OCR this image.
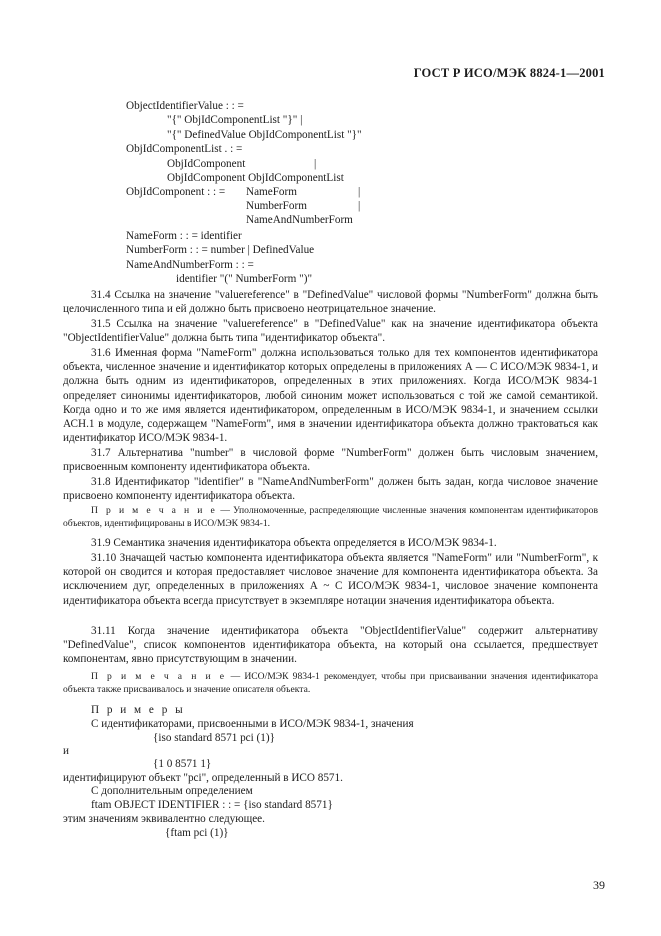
ГОСТ Р ИСО/МЭК 8824-1—2001
ObjectIdentifierValue : : =
"{" ObjIdComponentList "}" |
"{" DefinedValue ObjIdComponentList "}"
ObjIdComponentList . : =
ObjIdComponent	|
ObjIdComponent ObjIdComponentList
ObjIdComponent : : = NameForm	|
NumberForm	|
NameAndNumberForm
NameForm : : = identifier
NumberForm : : = number | DefinedValue
NameAndNumberForm : : =
identifier "(" NumberForm ")"

31.4 Ссылка на значение "valuereference" в "DefinedValue" числовой формы "NumberForm" должна быть целочисленного типа и ей должно быть присвоено неотрицательное значение.

31.5 Ссылка на значение "valuereference" в "DefinedValue" как на значение идентификатора объекта "ObjectIdentifierValue" должна быть типа "идентификатор объекта".

31.6 Именная форма "NameForm" должна использоваться только для тех компонентов идентификатора объекта, численное значение и идентификатор которых определены в приложениях А — С ИСО/МЭК 9834-1, и должна быть одним из идентификаторов, определенных в этих приложениях. Когда ИСО/МЭК 9834-1 определяет синонимы идентификаторов, любой синоним может использоваться с той же самой семантикой. Когда одно и то же имя является идентификатором, определенным в ИСО/МЭК 9834-1, и значением ссылки АСН.1 в модуле, содержащем "NameForm", имя в значении идентификатора объекта должно трактоваться как идентификатор ИСО/МЭК 9834-1.

31.7 Альтернатива "number" в числовой форме "NumberForm" должен быть числовым значением, присвоенным компоненту идентификатора объекта.

31.8 Идентификатор "identifier" в "NameAndNumberForm" должен быть задан, когда числовое значение присвоено компоненту идентификатора объекта.

П р и м е ч а н и е — Уполномоченные, распределяющие численные значения компонентам идентификаторов объектов, идентифицированы в ИСО/МЭК 9834-1.

31.9 Семантика значения идентификатора объекта определяется в ИСО/МЭК 9834-1.

31.10 Значащей частью компонента идентификатора объекта является "NameForm" или "NumberForm", к которой он сводится и которая предоставляет числовое значение для компонента идентификатора объекта. За исключением дуг, определенных в приложениях А ~ С ИСО/МЭК 9834-1, числовое значение компонента идентификатора объекта всегда присутствует в экземпляре нотации значения идентификатора объекта.

31.11 Когда значение идентификатора объекта "ObjectIdentifierValue" содержит альтернативу "DefinedValue", список компонентов идентификатора объекта, на который она ссылается, предшествует компонентам, явно присутствующим в значении.

П р и м е ч а н и е — ИСО/МЭК 9834-1 рекомендует, чтобы при присваивании значения идентификатора объекта также присваивалось и значение описателя объекта.

П р и м е р ы
С идентификаторами, присвоенными в ИСО/МЭК 9834-1, значения
{iso standard 8571 pci (1)}
и
{1 0 8571 1}
идентифицируют объект "pci", определенный в ИСО 8571.
С дополнительным определением
ftam OBJECT IDENTIFIER : : = {iso standard 8571}
этим значениям эквивалентно следующее.
{ftam pci (1)}
39
